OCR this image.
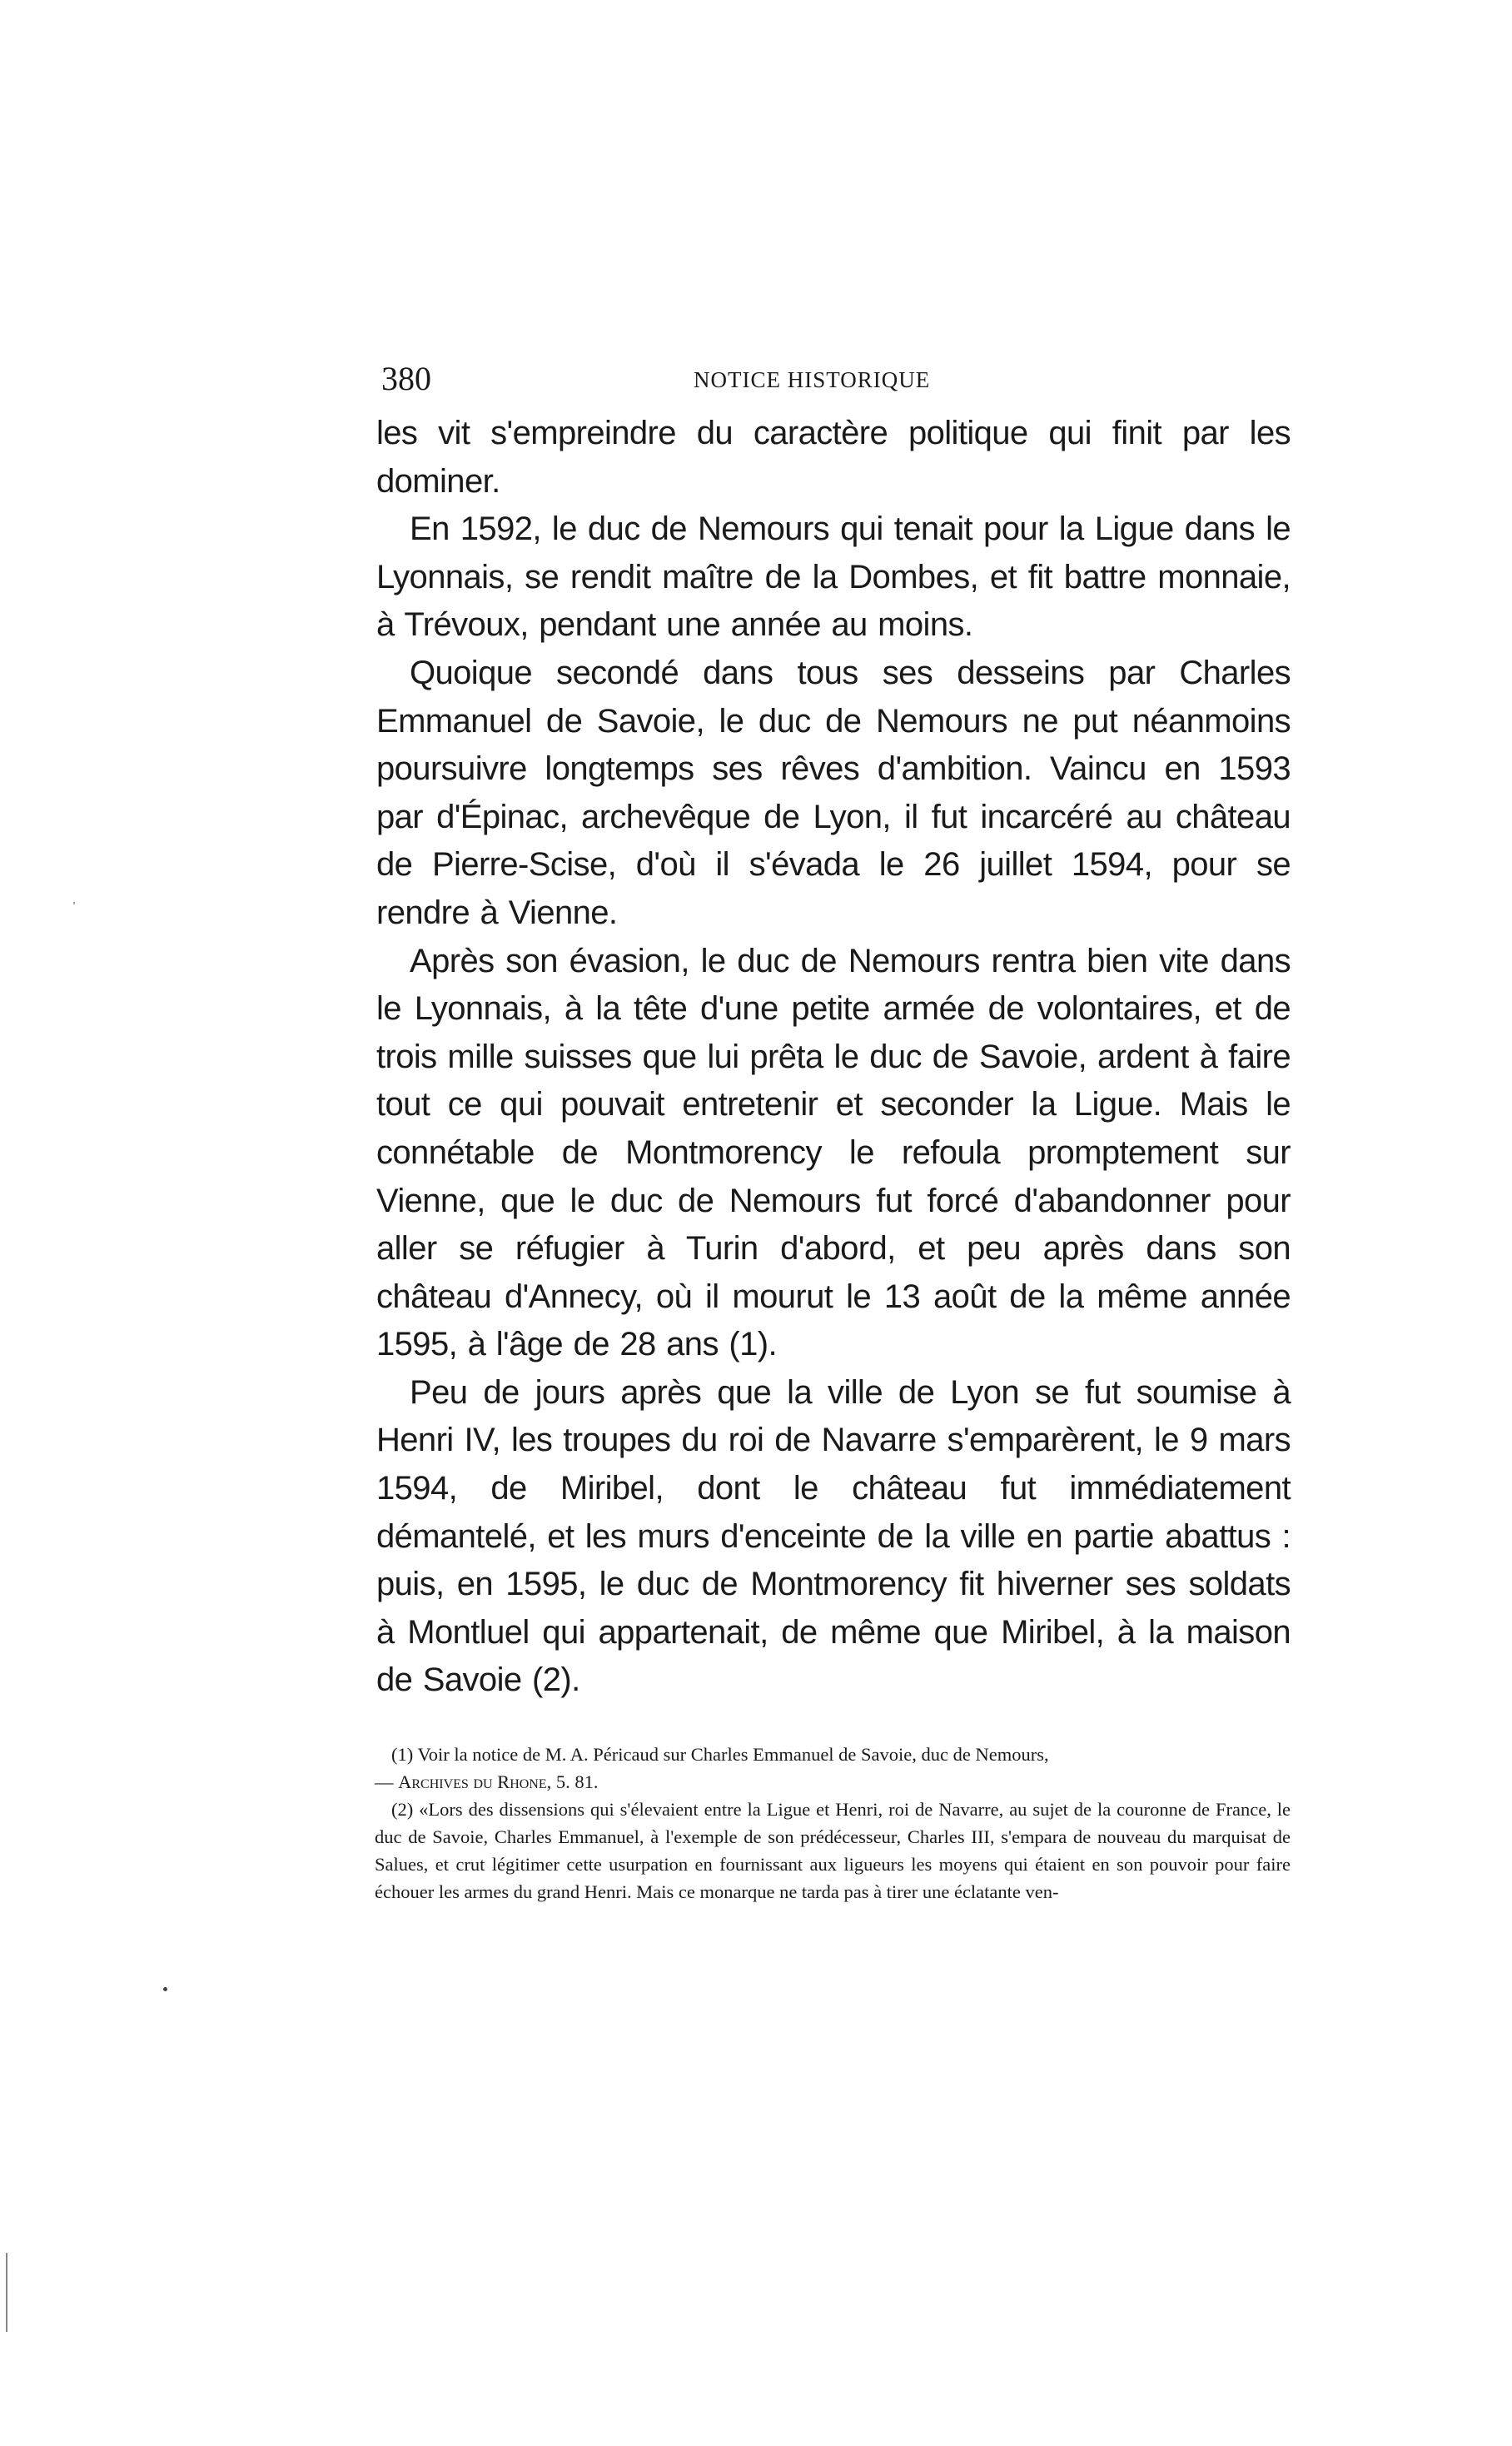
380	NOTICE HISTORIQUE

les vit s'empreindre du caractère politique qui finit par les dominer.

En 1592, le duc de Nemours qui tenait pour la Ligue dans le Lyonnais, se rendit maître de la Dombes, et fit battre monnaie, à Trévoux, pendant une année au moins.

Quoique secondé dans tous ses desseins par Charles Emmanuel de Savoie, le duc de Nemours ne put néanmoins poursuivre longtemps ses rêves d'ambition. Vaincu en 1593 par d'Épinac, archevêque de Lyon, il fut incarcéré au château de Pierre-Scise, d'où il s'évada le 26 juillet 1594, pour se rendre à Vienne.

Après son évasion, le duc de Nemours rentra bien vite dans le Lyonnais, à la tête d'une petite armée de volontaires, et de trois mille suisses que lui prêta le duc de Savoie, ardent à faire tout ce qui pouvait entretenir et seconder la Ligue. Mais le connétable de Montmorency le refoula promptement sur Vienne, que le duc de Nemours fut forcé d'abandonner pour aller se réfugier à Turin d'abord, et peu après dans son château d'Annecy, où il mourut le 13 août de la même année 1595, à l'âge de 28 ans (1).

Peu de jours après que la ville de Lyon se fut soumise à Henri IV, les troupes du roi de Navarre s'emparèrent, le 9 mars 1594, de Miribel, dont le château fut immédiatement démantelé, et les murs d'enceinte de la ville en partie abattus : puis, en 1595, le duc de Montmorency fit hiverner ses soldats à Montluel qui appartenait, de même que Miribel, à la maison de Savoie (2).

(1) Voir la notice de M. A. Péricaud sur Charles Emmanuel de Savoie, duc de Nemours,

— Archives du Rhone, 5. 81.

(2) «Lors des dissensions qui s'élevaient entre la Ligue et Henri, roi de Navarre, au sujet de la couronne de France, le duc de Savoie, Charles Emmanuel, à l'exemple de son prédécesseur, Charles III, s'empara de nouveau du marquisat de Salues, et crut légitimer cette usurpation en fournissant aux ligueurs les moyens qui étaient en son pouvoir pour faire échouer les armes du grand Henri. Mais ce monarque ne tarda pas à tirer une éclatante ven-
